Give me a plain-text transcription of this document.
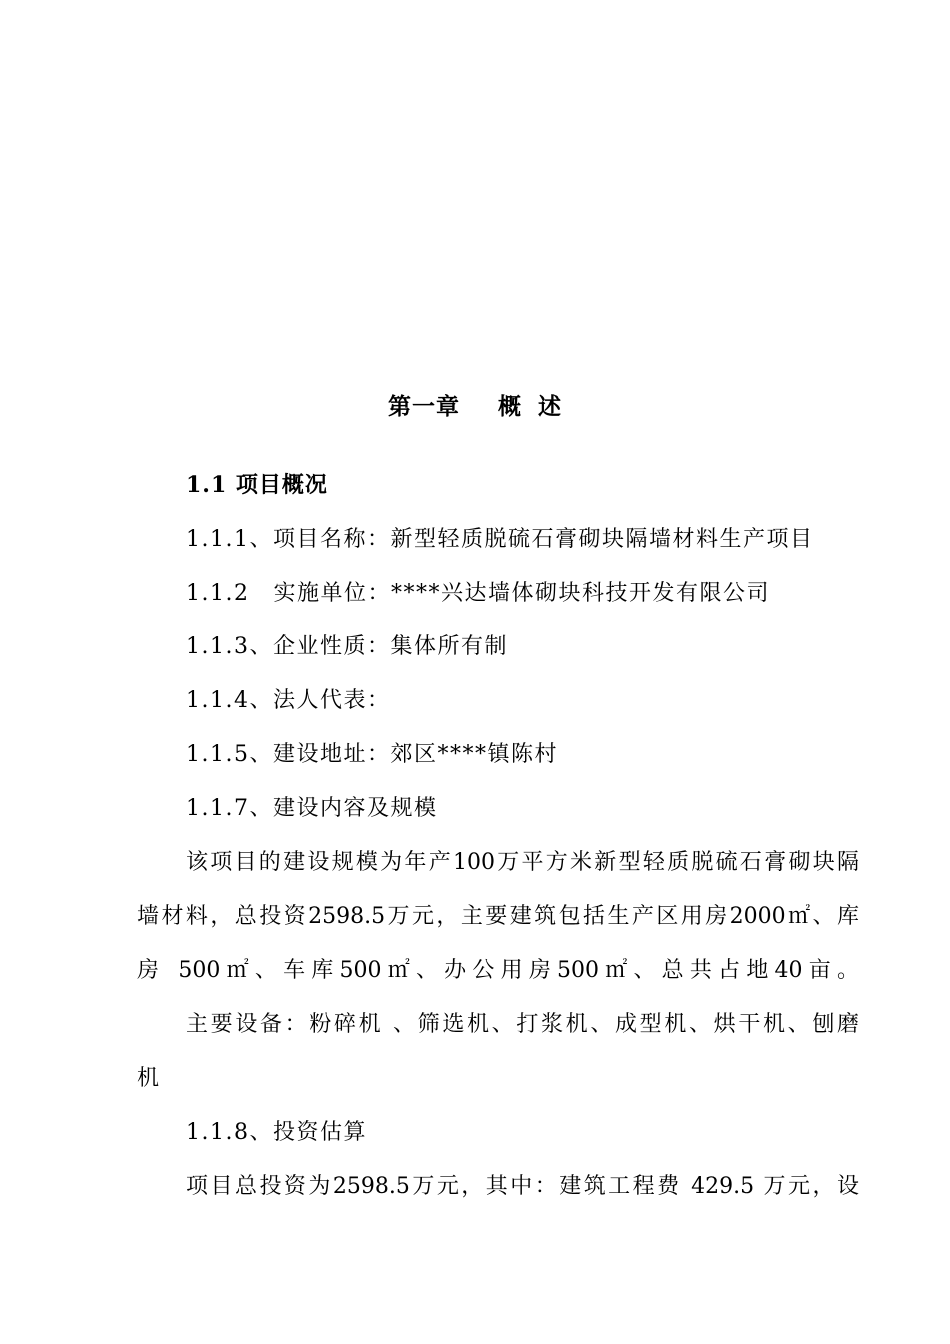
第一章 概 述
1.1 项目概况
1.1.1、项目名称：新型轻质脱硫石膏砌块隔墙材料生产项目
1.1.2 实施单位：****兴达墙体砌块科技开发有限公司
1.1.3、企业性质：集体所有制
1.1.4、法人代表：
1.1.5、建设地址：郊区****镇陈村
1.1.7、建设内容及规模
该项目的建设规模为年产100万平方米新型轻质脱硫石膏砌块隔
墙材料，总投资2598.5万元，主要建筑包括生产区用房2000㎡、库
房 500㎡、车库500㎡、办公用房500㎡、总共占地40亩。
主要设备：粉碎机 、筛选机、打浆机、成型机、烘干机、刨磨
机
1.1.8、投资估算
项目总投资为2598.5万元，其中：建筑工程费 429.5 万元，设
